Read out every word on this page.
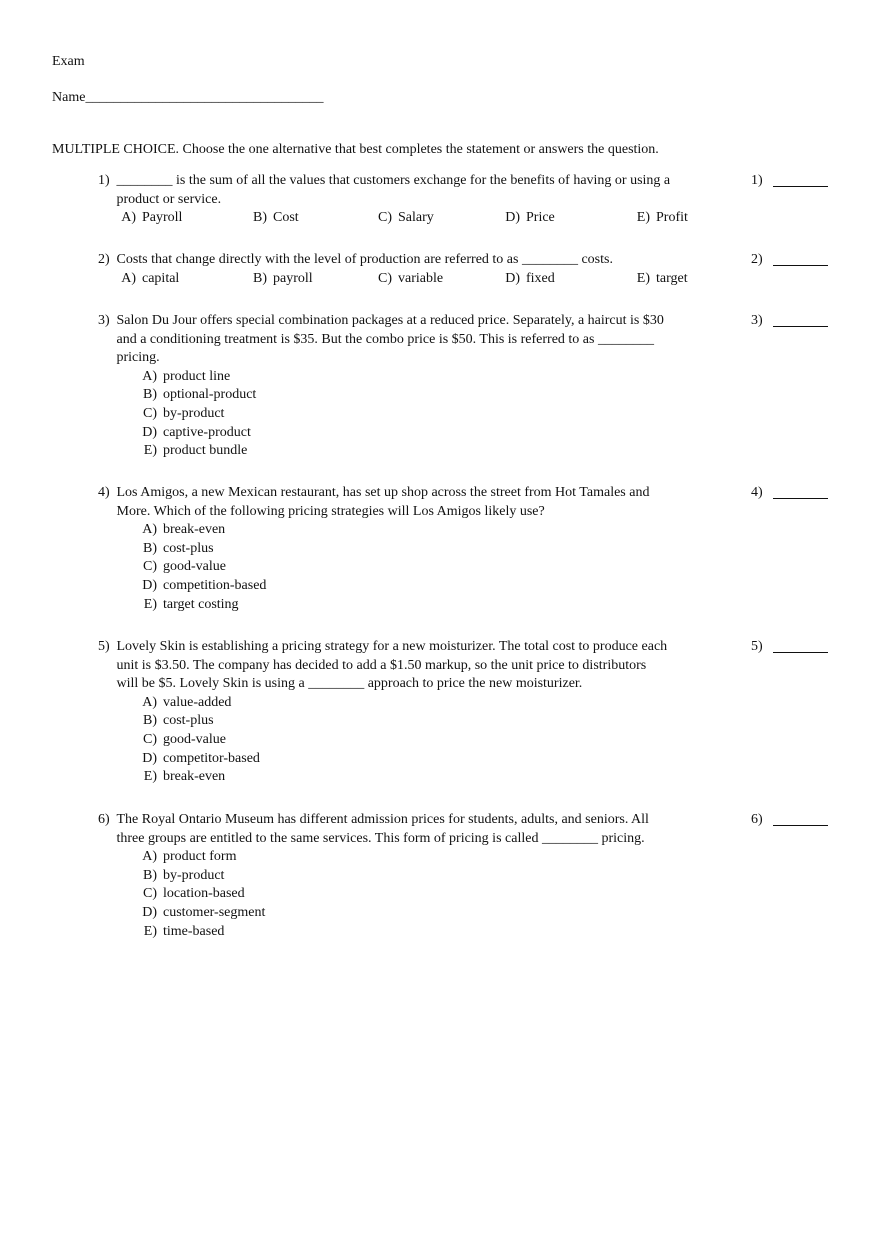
Exam
Name__________________________________
MULTIPLE CHOICE. Choose the one alternative that best completes the statement or answers the question.
1) ________ is the sum of all the values that customers exchange for the benefits of having or using a product or service.
A) Payroll	B) Cost	C) Salary	D) Price	E) Profit
1)
2) Costs that change directly with the level of production are referred to as ________ costs.
A) capital	B) payroll	C) variable	D) fixed	E) target
2)
3) Salon Du Jour offers special combination packages at a reduced price. Separately, a haircut is $30 and a conditioning treatment is $35. But the combo price is $50. This is referred to as ________ pricing.
A) product line
B) optional-product
C) by-product
D) captive-product
E) product bundle
3)
4) Los Amigos, a new Mexican restaurant, has set up shop across the street from Hot Tamales and More. Which of the following pricing strategies will Los Amigos likely use?
A) break-even
B) cost-plus
C) good-value
D) competition-based
E) target costing
4)
5) Lovely Skin is establishing a pricing strategy for a new moisturizer. The total cost to produce each unit is $3.50. The company has decided to add a $1.50 markup, so the unit price to distributors will be $5. Lovely Skin is using a ________ approach to price the new moisturizer.
A) value-added
B) cost-plus
C) good-value
D) competitor-based
E) break-even
5)
6) The Royal Ontario Museum has different admission prices for students, adults, and seniors. All three groups are entitled to the same services. This form of pricing is called ________ pricing.
A) product form
B) by-product
C) location-based
D) customer-segment
E) time-based
6)
